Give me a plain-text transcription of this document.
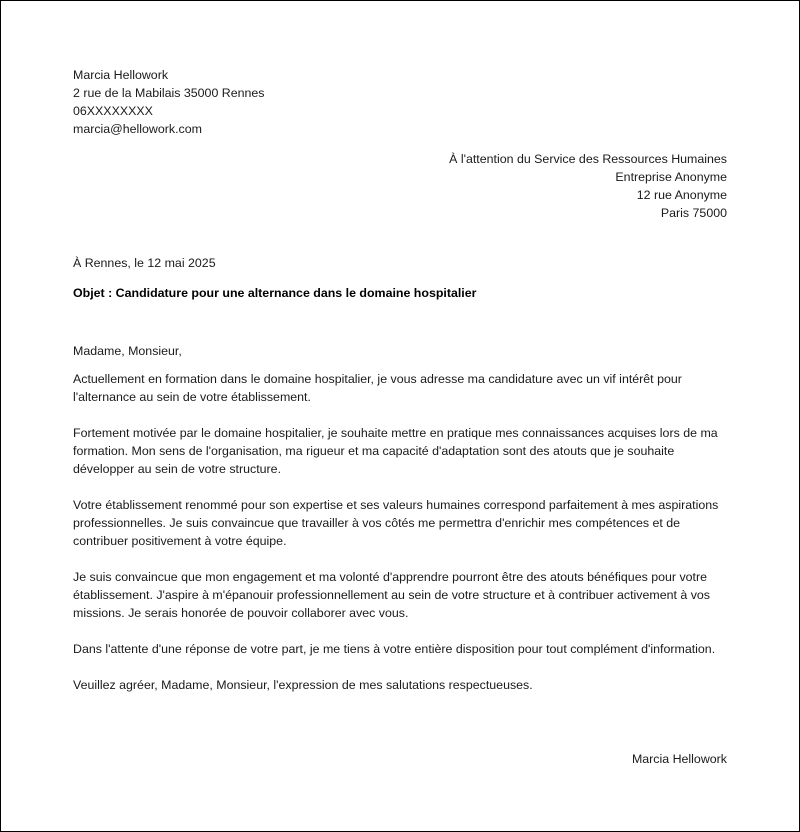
Marcia Hellowork
2 rue de la Mabilais 35000 Rennes
06XXXXXXXX
marcia@hellowork.com
À l'attention du Service des Ressources Humaines
Entreprise Anonyme
12 rue Anonyme
Paris 75000
À Rennes, le 12 mai 2025
Objet : Candidature pour une alternance dans le domaine hospitalier

Madame, Monsieur,

Actuellement en formation dans le domaine hospitalier, je vous adresse ma candidature avec un vif intérêt pour l'alternance au sein de votre établissement.

Fortement motivée par le domaine hospitalier, je souhaite mettre en pratique mes connaissances acquises lors de ma formation. Mon sens de l'organisation, ma rigueur et ma capacité d'adaptation sont des atouts que je souhaite développer au sein de votre structure.

Votre établissement renommé pour son expertise et ses valeurs humaines correspond parfaitement à mes aspirations professionnelles. Je suis convaincue que travailler à vos côtés me permettra d'enrichir mes compétences et de contribuer positivement à votre équipe.

Je suis convaincue que mon engagement et ma volonté d'apprendre pourront être des atouts bénéfiques pour votre établissement. J'aspire à m'épanouir professionnellement au sein de votre structure et à contribuer activement à vos missions. Je serais honorée de pouvoir collaborer avec vous.

Dans l'attente d'une réponse de votre part, je me tiens à votre entière disposition pour tout complément d'information.

Veuillez agréer, Madame, Monsieur, l'expression de mes salutations respectueuses.

Marcia Hellowork
